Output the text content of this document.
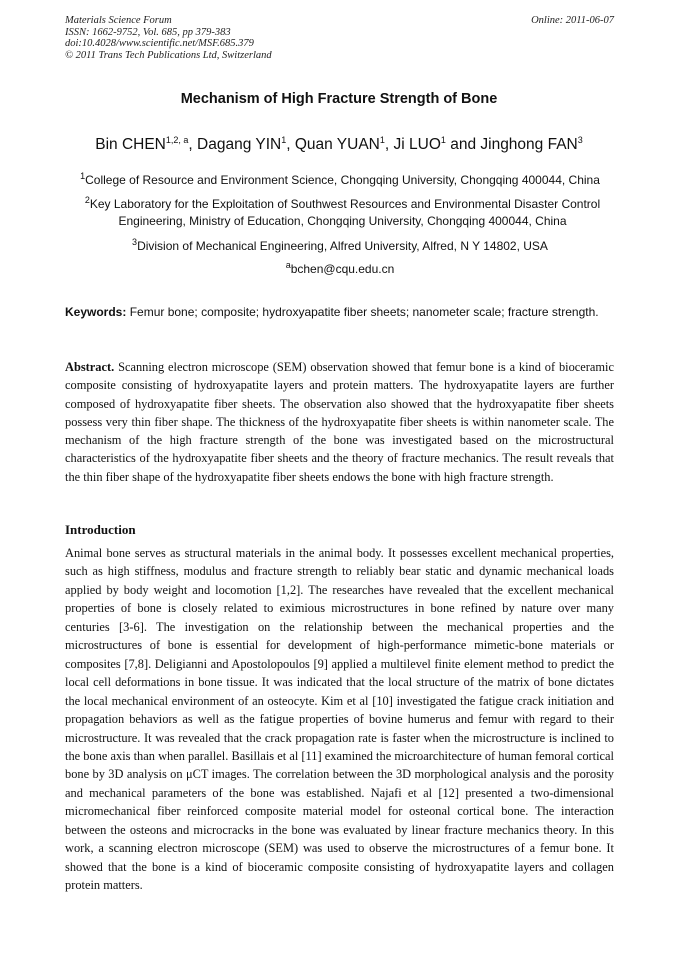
Materials Science Forum
ISSN: 1662-9752, Vol. 685, pp 379-383
doi:10.4028/www.scientific.net/MSF.685.379
© 2011 Trans Tech Publications Ltd, Switzerland
Online: 2011-06-07
Mechanism of High Fracture Strength of Bone
Bin CHEN$^{1,2, a}$, Dagang YIN$^1$, Quan YUAN$^1$, Ji LUO$^1$ and Jinghong FAN$^3$
$^1$College of Resource and Environment Science, Chongqing University, Chongqing 400044, China
$^2$Key Laboratory for the Exploitation of Southwest Resources and Environmental Disaster Control Engineering, Ministry of Education, Chongqing University, Chongqing 400044, China
$^3$Division of Mechanical Engineering, Alfred University, Alfred, N Y 14802, USA
$^a$bchen@cqu.edu.cn
Keywords: Femur bone; composite; hydroxyapatite fiber sheets; nanometer scale; fracture strength.
Abstract. Scanning electron microscope (SEM) observation showed that femur bone is a kind of bioceramic composite consisting of hydroxyapatite layers and protein matters. The hydroxyapatite layers are further composed of hydroxyapatite fiber sheets. The observation also showed that the hydroxyapatite fiber sheets possess very thin fiber shape. The thickness of the hydroxyapatite fiber sheets is within nanometer scale. The mechanism of the high fracture strength of the bone was investigated based on the microstructural characteristics of the hydroxyapatite fiber sheets and the theory of fracture mechanics. The result reveals that the thin fiber shape of the hydroxyapatite fiber sheets endows the bone with high fracture strength.
Introduction
Animal bone serves as structural materials in the animal body. It possesses excellent mechanical properties, such as high stiffness, modulus and fracture strength to reliably bear static and dynamic mechanical loads applied by body weight and locomotion [1,2]. The researches have revealed that the excellent mechanical properties of bone is closely related to eximious microstructures in bone refined by nature over many centuries [3-6]. The investigation on the relationship between the mechanical properties and the microstructures of bone is essential for development of high-performance mimetic-bone materials or composites [7,8]. Deligianni and Apostolopoulos [9] applied a multilevel finite element method to predict the local cell deformations in bone tissue. It was indicated that the local structure of the matrix of bone dictates the local mechanical environment of an osteocyte. Kim et al [10] investigated the fatigue crack initiation and propagation behaviors as well as the fatigue properties of bovine humerus and femur with regard to their microstructure. It was revealed that the crack propagation rate is faster when the microstructure is inclined to the bone axis than when parallel. Basillais et al [11] examined the microarchitecture of human femoral cortical bone by 3D analysis on μCT images. The correlation between the 3D morphological analysis and the porosity and mechanical parameters of the bone was established. Najafi et al [12] presented a two-dimensional micromechanical fiber reinforced composite material model for osteonal cortical bone. The interaction between the osteons and microcracks in the bone was evaluated by linear fracture mechanics theory. In this work, a scanning electron microscope (SEM) was used to observe the microstructures of a femur bone. It showed that the bone is a kind of bioceramic composite consisting of hydroxyapatite layers and collagen protein matters.
